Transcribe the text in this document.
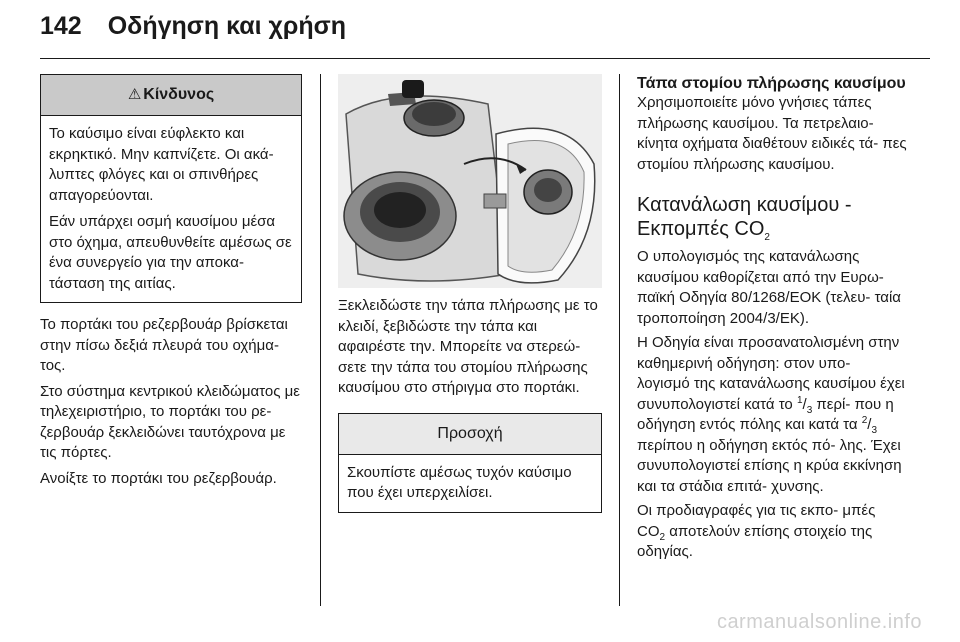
142 Οδήγηση και χρήση
⚠ Κίνδυνος

Το καύσιμο είναι εύφλεκτο και εκρηκτικό. Μην καπνίζετε. Οι ακά- λυπτες φλόγες και οι σπινθήρες απαγορεύονται.

Εάν υπάρχει οσμή καυσίμου μέσα στο όχημα, απευθυνθείτε αμέσως σε ένα συνεργείο για την αποκα- τάσταση της αιτίας.

Το πορτάκι του ρεζερβουάρ βρίσκεται στην πίσω δεξιά πλευρά του οχήμα- τος.

Στο σύστημα κεντρικού κλειδώματος με τηλεχειριστήριο, το πορτάκι του ρε- ζερβουάρ ξεκλειδώνει ταυτόχρονα με τις πόρτες.

Ανοίξτε το πορτάκι του ρεζερβουάρ.

Ξεκλειδώστε την τάπα πλήρωσης με το κλειδί, ξεβιδώστε την τάπα και αφαιρέστε την. Μπορείτε να στερεώ- σετε την τάπα του στομίου πλήρωσης καυσίμου στο στήριγμα στο πορτάκι.

Προσοχή

Σκουπίστε αμέσως τυχόν καύσιμο που έχει υπερχειλίσει.

Τάπα στομίου πλήρωσης καυσίμου

Χρησιμοποιείτε μόνο γνήσιες τάπες πλήρωσης καυσίμου. Τα πετρελαιο- κίνητα οχήματα διαθέτουν ειδικές τά- πες στομίου πλήρωσης καυσίμου.

Κατανάλωση καυσίμου - Εκπομπές $CO_2$

Ο υπολογισμός της κατανάλωσης καυσίμου καθορίζεται από την Ευρω- παϊκή Οδηγία 80/1268/ΕΟΚ (τελευ- ταία τροποποίηση 2004/3/ΕΚ).

Η Οδηγία είναι προσανατολισμένη στην καθημερινή οδήγηση: στον υπο- λογισμό της κατανάλωσης καυσίμου έχει συνυπολογιστεί κατά το $^1/_3$ περί- που η οδήγηση εντός πόλης και κατά τα $^2/_3$ περίπου η οδήγηση εκτός πό- λης. Έχει συνυπολογιστεί επίσης η κρύα εκκίνηση και τα στάδια επιτά- χυνσης.

Οι προδιαγραφές για τις εκπο- μπές $CO_2$ αποτελούν επίσης στοιχείο της οδηγίας.

carmanualsonline.info
